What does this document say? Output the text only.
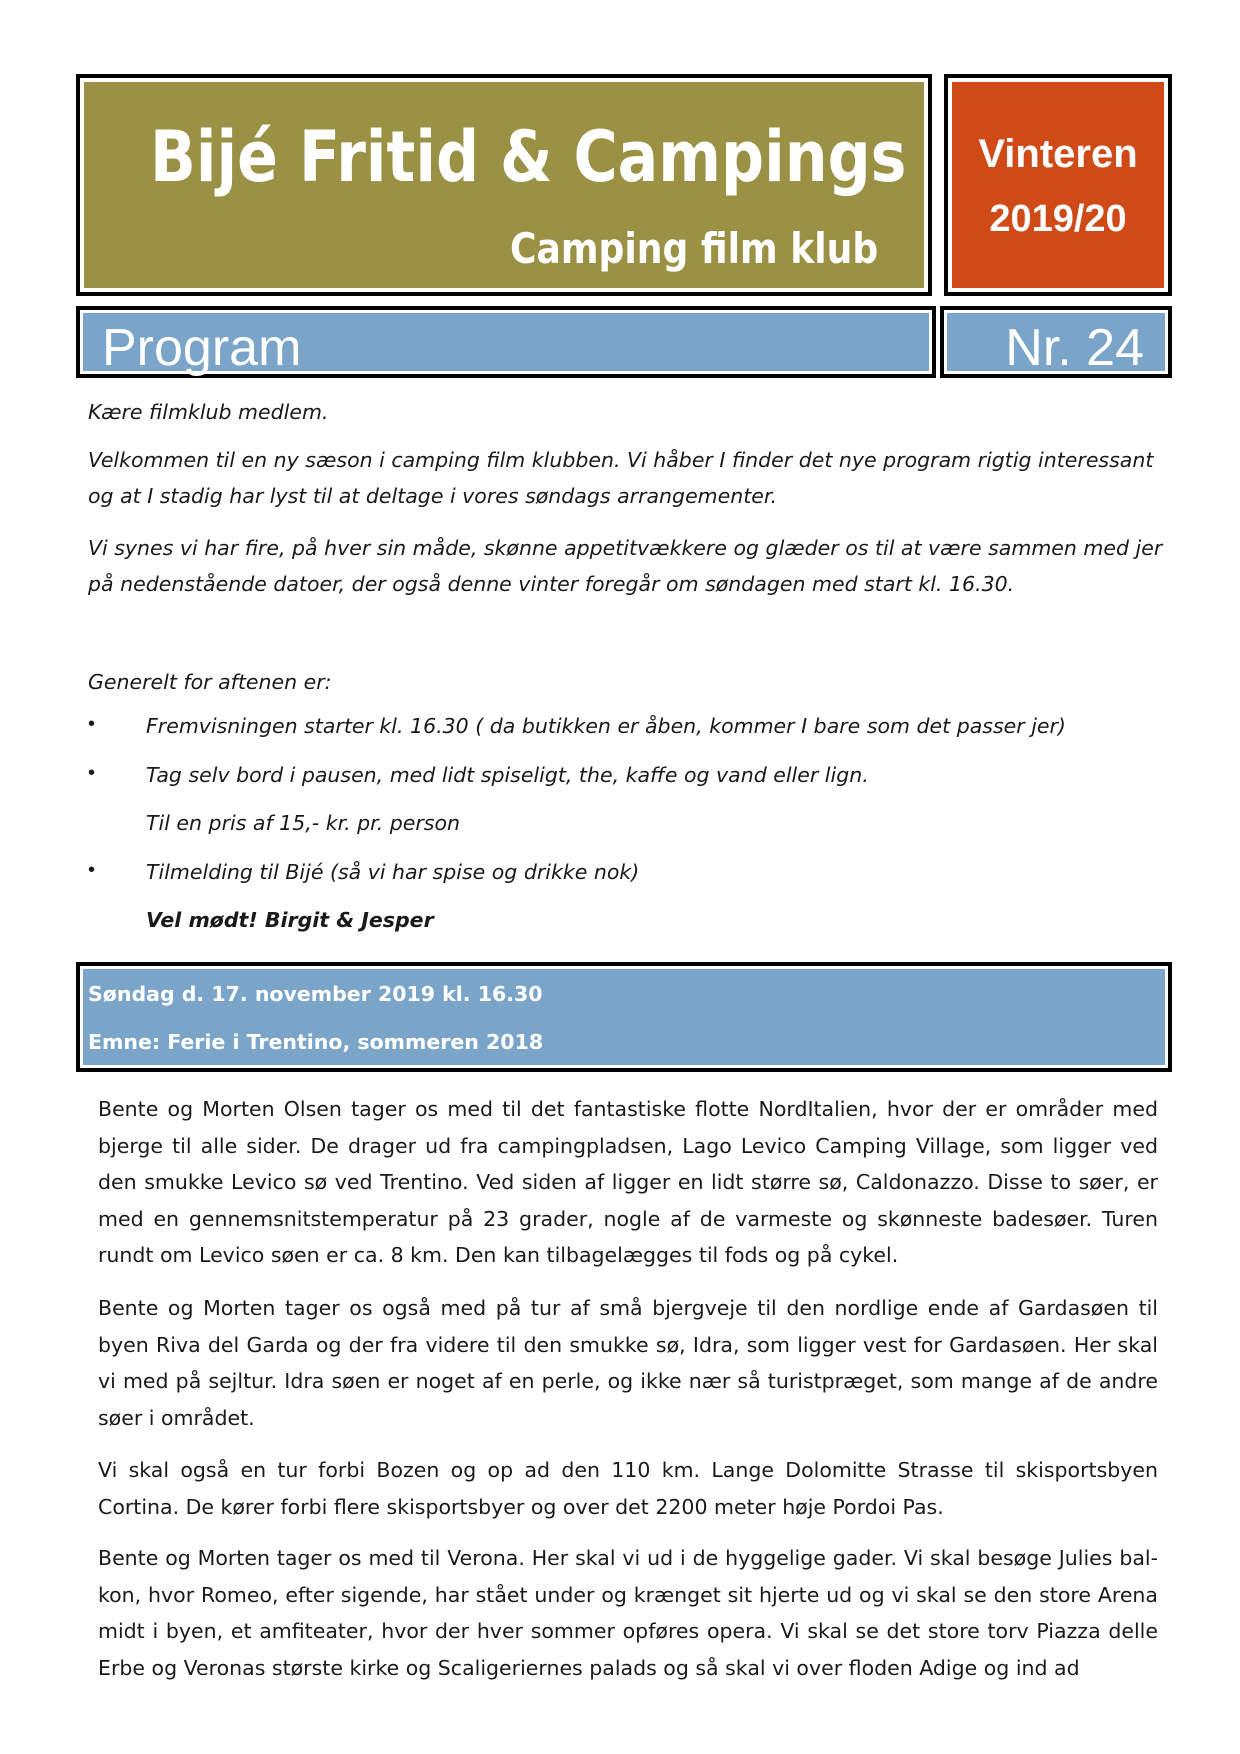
Bijé Fritid & Campings
Camping film klub

Vinteren

2019/20

Program	Nr. 24

Kære filmklub medlem.

Velkommen til en ny sæson i camping film klubben. Vi håber I finder det nye program rigtig interessant og at I stadig har lyst til at deltage i vores søndags arrangementer.

Vi synes vi har fire, på hver sin måde, skønne appetitvækkere og glæder os til at være sammen med jer på nedenstående datoer, der også denne vinter foregår om søndagen med start kl. 16.30.

Generelt for aftenen er:

• Fremvisningen starter kl. 16.30 ( da butikken er åben, kommer I bare som det passer jer)

• Tag selv bord i pausen, med lidt spiseligt, the, kaffe og vand eller lign.

Til en pris af 15,- kr. pr. person

• Tilmelding til Bijé (så vi har spise og drikke nok)

Vel mødt! Birgit & Jesper

Søndag d. 17. november 2019 kl. 16.30

Emne: Ferie i Trentino, sommeren 2018

Bente og Morten Olsen tager os med til det fantastiske flotte NordItalien, hvor der er områder med bjerge til alle sider. De drager ud fra campingpladsen, Lago Levico Camping Village, som ligger ved den smukke Levico sø ved Trentino. Ved siden af ligger en lidt større sø, Caldonazzo. Disse to søer, er med en gennemsnitstemperatur på 23 grader, nogle af de varmeste og skønneste badesøer. Turen rundt om Levico søen er ca. 8 km. Den kan tilbagelægges til fods og på cykel.

Bente og Morten tager os også med på tur af små bjergveje til den nordlige ende af Gardasøen til byen Riva del Garda og der fra videre til den smukke sø, Idra, som ligger vest for Gardasøen. Her skal vi med på sejltur. Idra søen er noget af en perle, og ikke nær så turistpræget, som mange af de andre søer i området.

Vi skal også en tur forbi Bozen og op ad den 110 km. Lange Dolomitte Strasse til skisportsbyen Cortina. De kører forbi flere skisportsbyer og over det 2200 meter høje Pordoi Pas.

Bente og Morten tager os med til Verona. Her skal vi ud i de hyggelige gader. Vi skal besøge Julies bal-kon, hvor Romeo, efter sigende, har stået under og krænget sit hjerte ud og vi skal se den store Arena midt i byen, et amfiteater, hvor der hver sommer opføres opera. Vi skal se det store torv Piazza delle Erbe og Veronas største kirke og Scaligeriernes palads og så skal vi over floden Adige og ind ad
